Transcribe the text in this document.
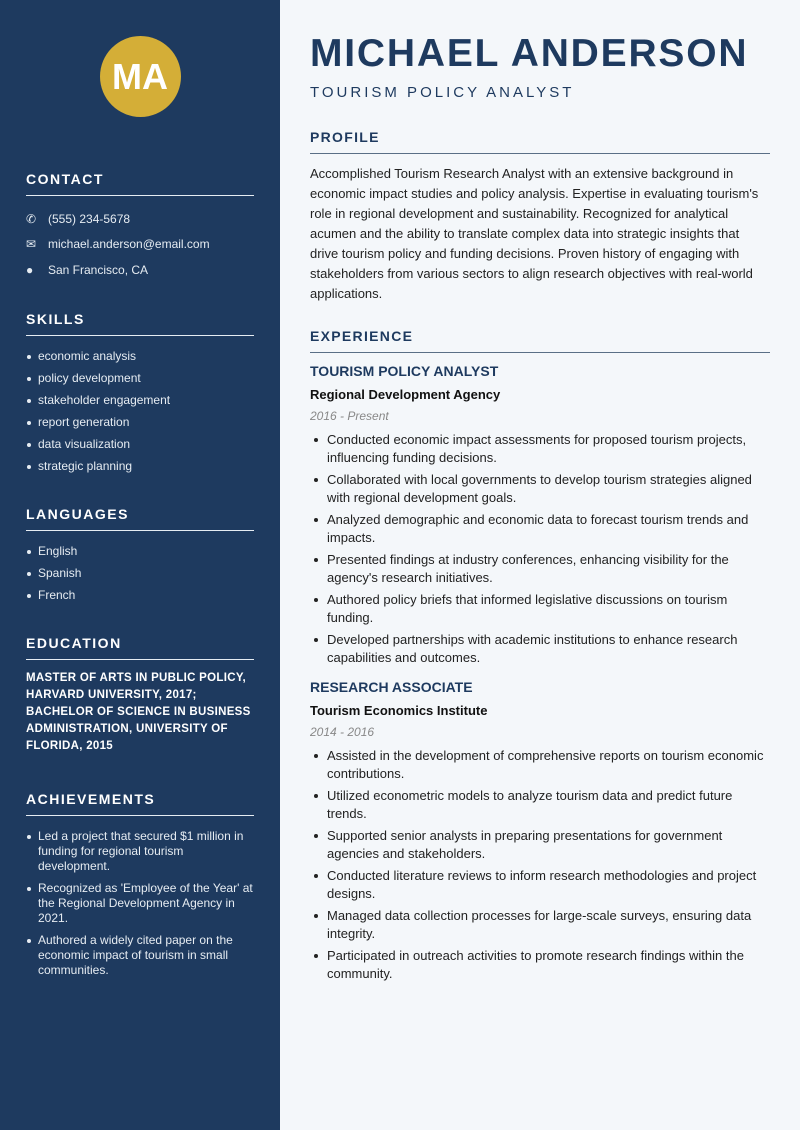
MA
CONTACT
✆ (555) 234-5678
✉ michael.anderson@email.com
●	San Francisco, CA
SKILLS
economic analysis
policy development
stakeholder engagement
report generation
data visualization
strategic planning
LANGUAGES
English
Spanish
French
EDUCATION
MASTER OF ARTS IN PUBLIC POLICY, HARVARD UNIVERSITY, 2017; BACHELOR OF SCIENCE IN BUSINESS ADMINISTRATION, UNIVERSITY OF FLORIDA, 2015
ACHIEVEMENTS
Led a project that secured $1 million in funding for regional tourism development.
Recognized as 'Employee of the Year' at the Regional Development Agency in 2021.
Authored a widely cited paper on the economic impact of tourism in small communities.
MICHAEL ANDERSON
TOURISM POLICY ANALYST
PROFILE
Accomplished Tourism Research Analyst with an extensive background in economic impact studies and policy analysis. Expertise in evaluating tourism's role in regional development and sustainability. Recognized for analytical acumen and the ability to translate complex data into strategic insights that drive tourism policy and funding decisions. Proven history of engaging with stakeholders from various sectors to align research objectives with real-world applications.
EXPERIENCE
TOURISM POLICY ANALYST
Regional Development Agency
2016 - Present
Conducted economic impact assessments for proposed tourism projects, influencing funding decisions.
Collaborated with local governments to develop tourism strategies aligned with regional development goals.
Analyzed demographic and economic data to forecast tourism trends and impacts.
Presented findings at industry conferences, enhancing visibility for the agency's research initiatives.
Authored policy briefs that informed legislative discussions on tourism funding.
Developed partnerships with academic institutions to enhance research capabilities and outcomes.
RESEARCH ASSOCIATE
Tourism Economics Institute
2014 - 2016
Assisted in the development of comprehensive reports on tourism economic contributions.
Utilized econometric models to analyze tourism data and predict future trends.
Supported senior analysts in preparing presentations for government agencies and stakeholders.
Conducted literature reviews to inform research methodologies and project designs.
Managed data collection processes for large-scale surveys, ensuring data integrity.
Participated in outreach activities to promote research findings within the community.
